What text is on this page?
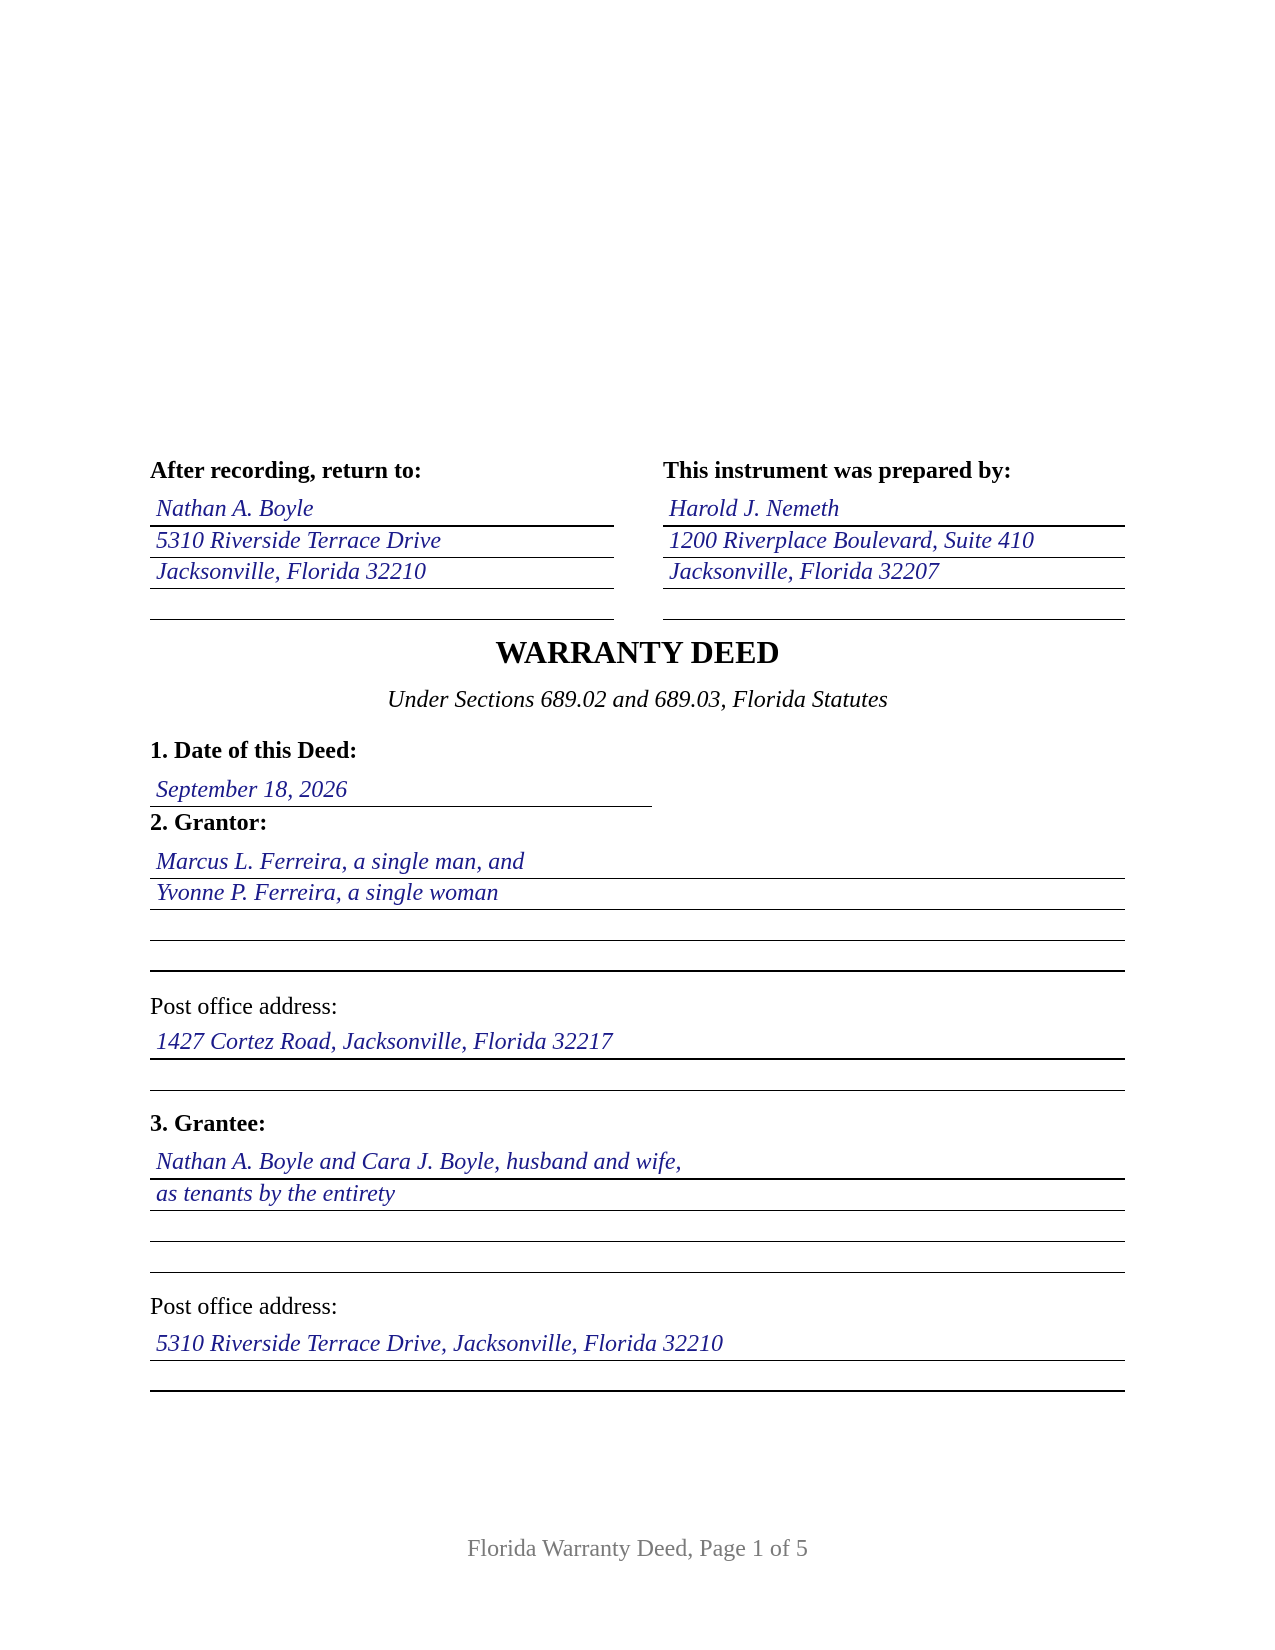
After recording, return to:
Nathan A. Boyle
5310 Riverside Terrace Drive
Jacksonville, Florida 32210
This instrument was prepared by:
Harold J. Nemeth
1200 Riverplace Boulevard, Suite 410
Jacksonville, Florida 32207
WARRANTY DEED
Under Sections 689.02 and 689.03, Florida Statutes
1. Date of this Deed:
September 18, 2026
2. Grantor:
Marcus L. Ferreira, a single man, and
Yvonne P. Ferreira, a single woman
Post office address:
1427 Cortez Road, Jacksonville, Florida 32217
3. Grantee:
Nathan A. Boyle and Cara J. Boyle, husband and wife,
as tenants by the entirety
Post office address:
5310 Riverside Terrace Drive, Jacksonville, Florida 32210
Florida Warranty Deed, Page 1 of 5
